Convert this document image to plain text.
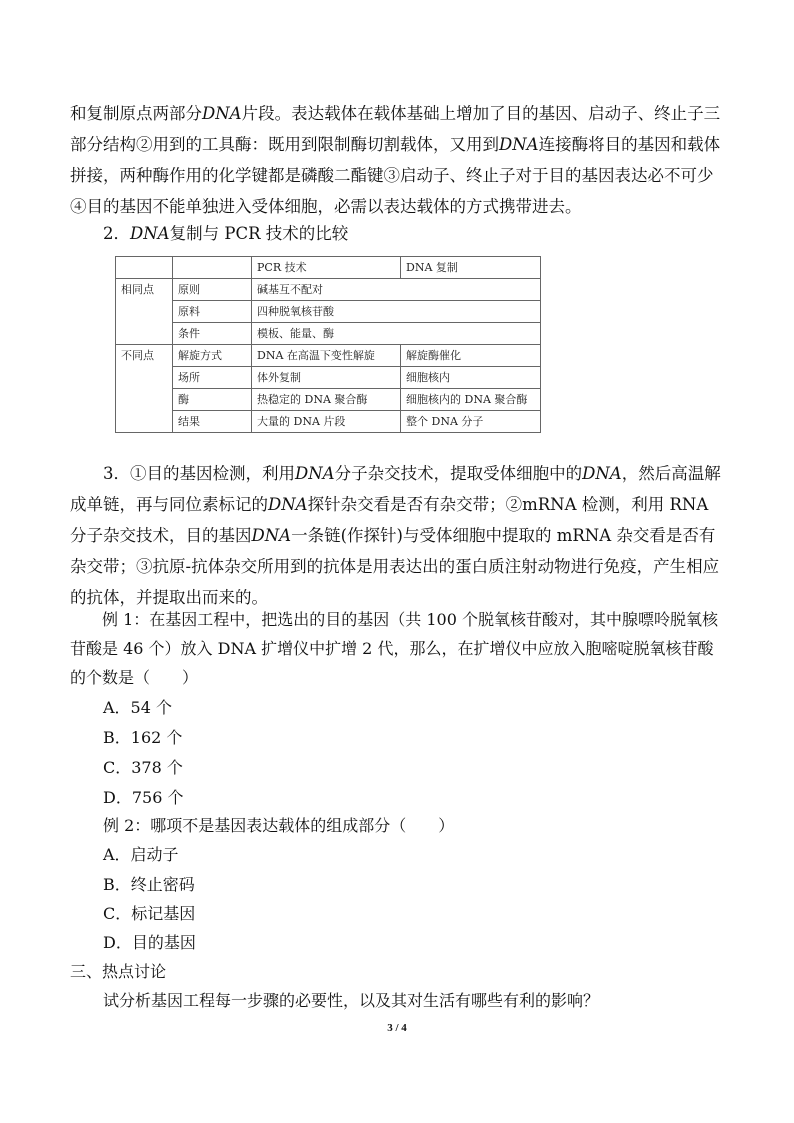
和复制原点两部分DNA片段。表达载体在载体基础上增加了目的基因、启动子、终止子三部分结构②用到的工具酶：既用到限制酶切割载体，又用到DNA连接酶将目的基因和载体拼接，两种酶作用的化学键都是磷酸二酯键③启动子、终止子对于目的基因表达必不可少④目的基因不能单独进入受体细胞，必需以表达载体的方式携带进去。

2．DNA复制与 PCR 技术的比较

		PCR 技术	DNA 复制
相同点	原则	碱基互不配对	
	原料	四种脱氧核苷酸	
	条件	模板、能量、酶	
不同点	解旋方式	DNA 在高温下变性解旋	解旋酶催化
	场所	体外复制	细胞核内
	酶	热稳定的 DNA 聚合酶	细胞核内的 DNA 聚合酶
	结果	大量的 DNA 片段	整个 DNA 分子

3．①目的基因检测，利用DNA分子杂交技术，提取受体细胞中的DNA，然后高温解成单链，再与同位素标记的DNA探针杂交看是否有杂交带；②mRNA 检测，利用 RNA 分子杂交技术，目的基因DNA一条链(作探针)与受体细胞中提取的 mRNA 杂交看是否有杂交带；③抗原-抗体杂交所用到的抗体是用表达出的蛋白质注射动物进行免疫，产生相应的抗体，并提取出而来的。

例 1：在基因工程中，把选出的目的基因（共 100 个脱氧核苷酸对，其中腺嘌呤脱氧核苷酸是 46 个）放入 DNA 扩增仪中扩增 2 代，那么，在扩增仪中应放入胞嘧啶脱氧核苷酸的个数是（　　）

A．54 个

B．162 个

C．378 个

D．756 个

例 2：哪项不是基因表达载体的组成部分（　　）

A．启动子

B．终止密码

C．标记基因

D．目的基因

三、热点讨论

试分析基因工程每一步骤的必要性，以及其对生活有哪些有利的影响？

3 / 4
